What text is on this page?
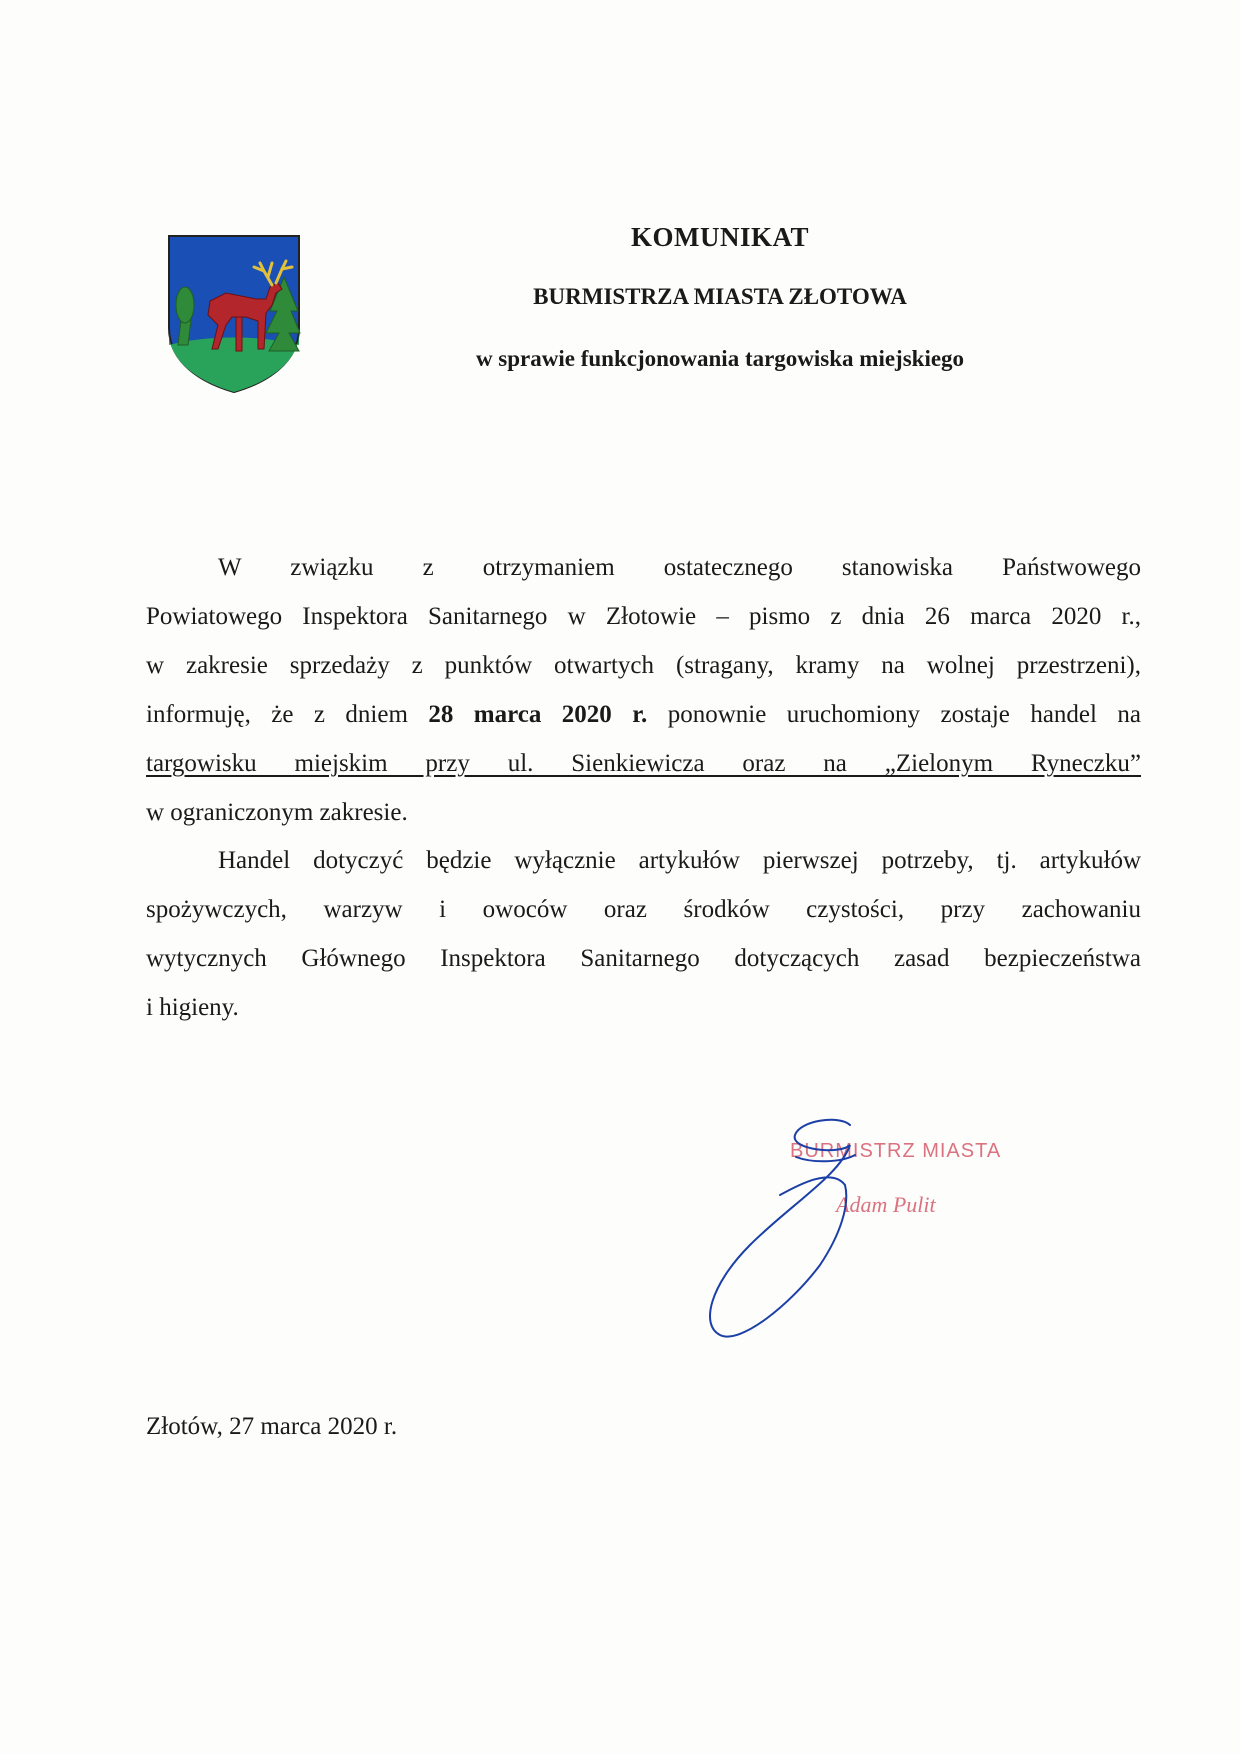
KOMUNIKAT
BURMISTRZA MIASTA ZŁOTOWA
w sprawie funkcjonowania targowiska miejskiego
W związku z otrzymaniem ostatecznego stanowiska Państwowego
Powiatowego Inspektora Sanitarnego w Złotowie – pismo z dnia 26 marca 2020 r.,
w zakresie sprzedaży z punktów otwartych (stragany, kramy na wolnej przestrzeni),
informuję, że z dniem 28 marca 2020 r. ponownie uruchomiony zostaje handel na
targowisku miejskim przy ul. Sienkiewicza oraz na „Zielonym Ryneczku”
w ograniczonym zakresie.
Handel dotyczyć będzie wyłącznie artykułów pierwszej potrzeby, tj. artykułów
spożywczych, warzyw i owoców oraz środków czystości, przy zachowaniu
wytycznych Głównego Inspektora Sanitarnego dotyczących zasad bezpieczeństwa
i higieny.
BURMISTRZ MIASTA
Adam Pulit
Złotów, 27 marca 2020 r.
